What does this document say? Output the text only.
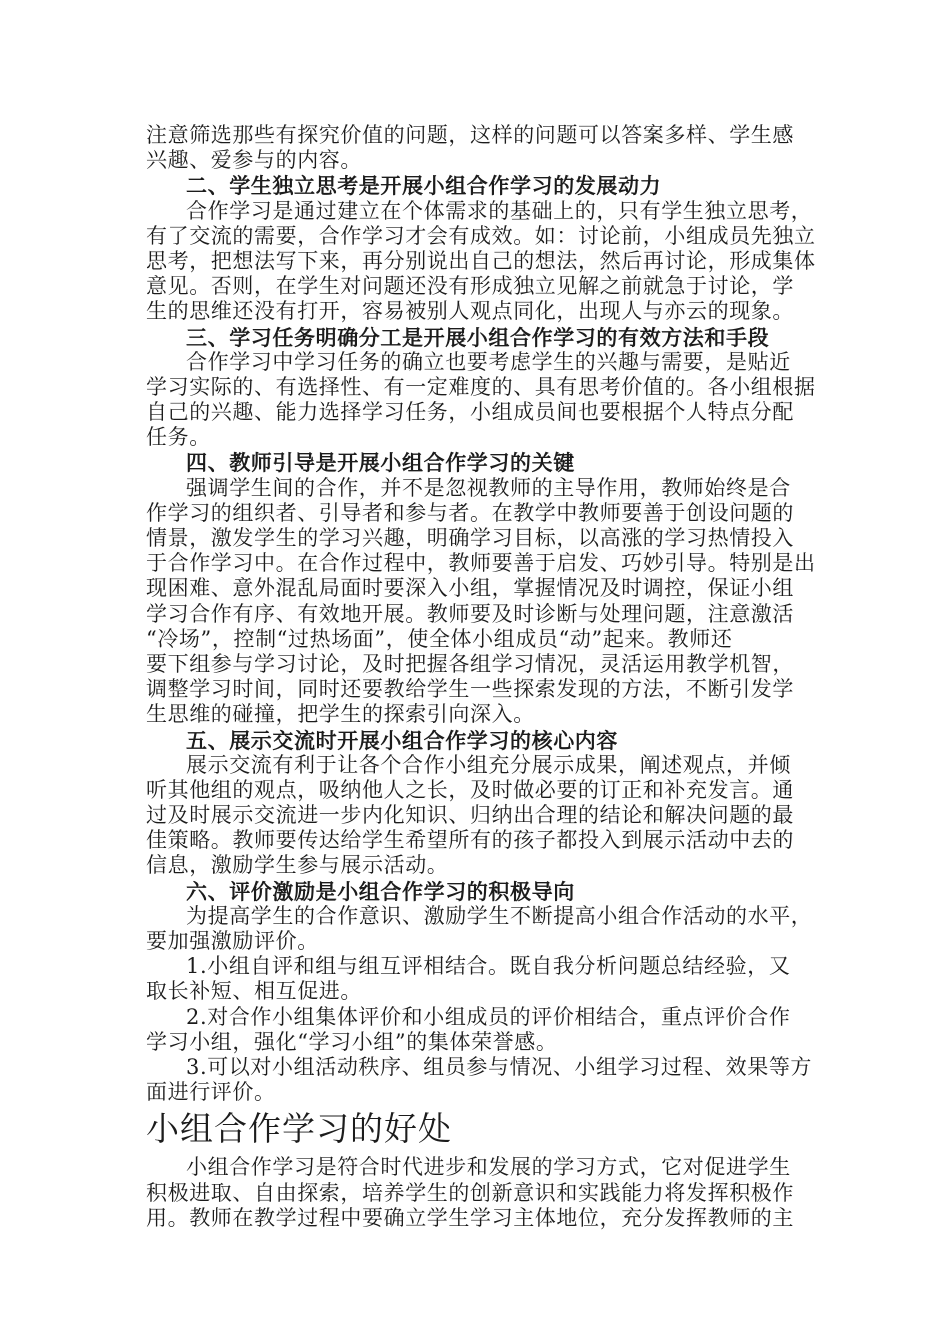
注意筛选那些有探究价值的问题，这样的问题可以答案多样、学生感
兴趣、爱参与的内容。
二、学生独立思考是开展小组合作学习的发展动力
合作学习是通过建立在个体需求的基础上的，只有学生独立思考，
有了交流的需要，合作学习才会有成效。如：讨论前，小组成员先独立
思考，把想法写下来，再分别说出自己的想法，然后再讨论，形成集体
意见。否则，在学生对问题还没有形成独立见解之前就急于讨论，学
生的思维还没有打开，容易被别人观点同化，出现人与亦云的现象。
三、学习任务明确分工是开展小组合作学习的有效方法和手段
合作学习中学习任务的确立也要考虑学生的兴趣与需要，是贴近
学习实际的、有选择性、有一定难度的、具有思考价值的。各小组根据
自己的兴趣、能力选择学习任务，小组成员间也要根据个人特点分配
任务。
四、教师引导是开展小组合作学习的关键
强调学生间的合作，并不是忽视教师的主导作用，教师始终是合
作学习的组织者、引导者和参与者。在教学中教师要善于创设问题的
情景，激发学生的学习兴趣，明确学习目标，以高涨的学习热情投入
于合作学习中。在合作过程中，教师要善于启发、巧妙引导。特别是出
现困难、意外混乱局面时要深入小组，掌握情况及时调控，保证小组
学习合作有序、有效地开展。教师要及时诊断与处理问题，注意激活
“冷场”，控制“过热场面”，使全体小组成员“动”起来。教师还
要下组参与学习讨论，及时把握各组学习情况，灵活运用教学机智，
调整学习时间，同时还要教给学生一些探索发现的方法，不断引发学
生思维的碰撞，把学生的探索引向深入。
五、展示交流时开展小组合作学习的核心内容
展示交流有利于让各个合作小组充分展示成果，阐述观点，并倾
听其他组的观点，吸纳他人之长，及时做必要的订正和补充发言。通
过及时展示交流进一步内化知识、归纳出合理的结论和解决问题的最
佳策略。教师要传达给学生希望所有的孩子都投入到展示活动中去的
信息，激励学生参与展示活动。
六、评价激励是小组合作学习的积极导向
为提高学生的合作意识、激励学生不断提高小组合作活动的水平，
要加强激励评价。
1.小组自评和组与组互评相结合。既自我分析问题总结经验，又
取长补短、相互促进。
2.对合作小组集体评价和小组成员的评价相结合，重点评价合作
学习小组，强化“学习小组”的集体荣誉感。
3.可以对小组活动秩序、组员参与情况、小组学习过程、效果等方
面进行评价。
小组合作学习的好处
小组合作学习是符合时代进步和发展的学习方式，它对促进学生
积极进取、自由探索，培养学生的创新意识和实践能力将发挥积极作
用。教师在教学过程中要确立学生学习主体地位，充分发挥教师的主
